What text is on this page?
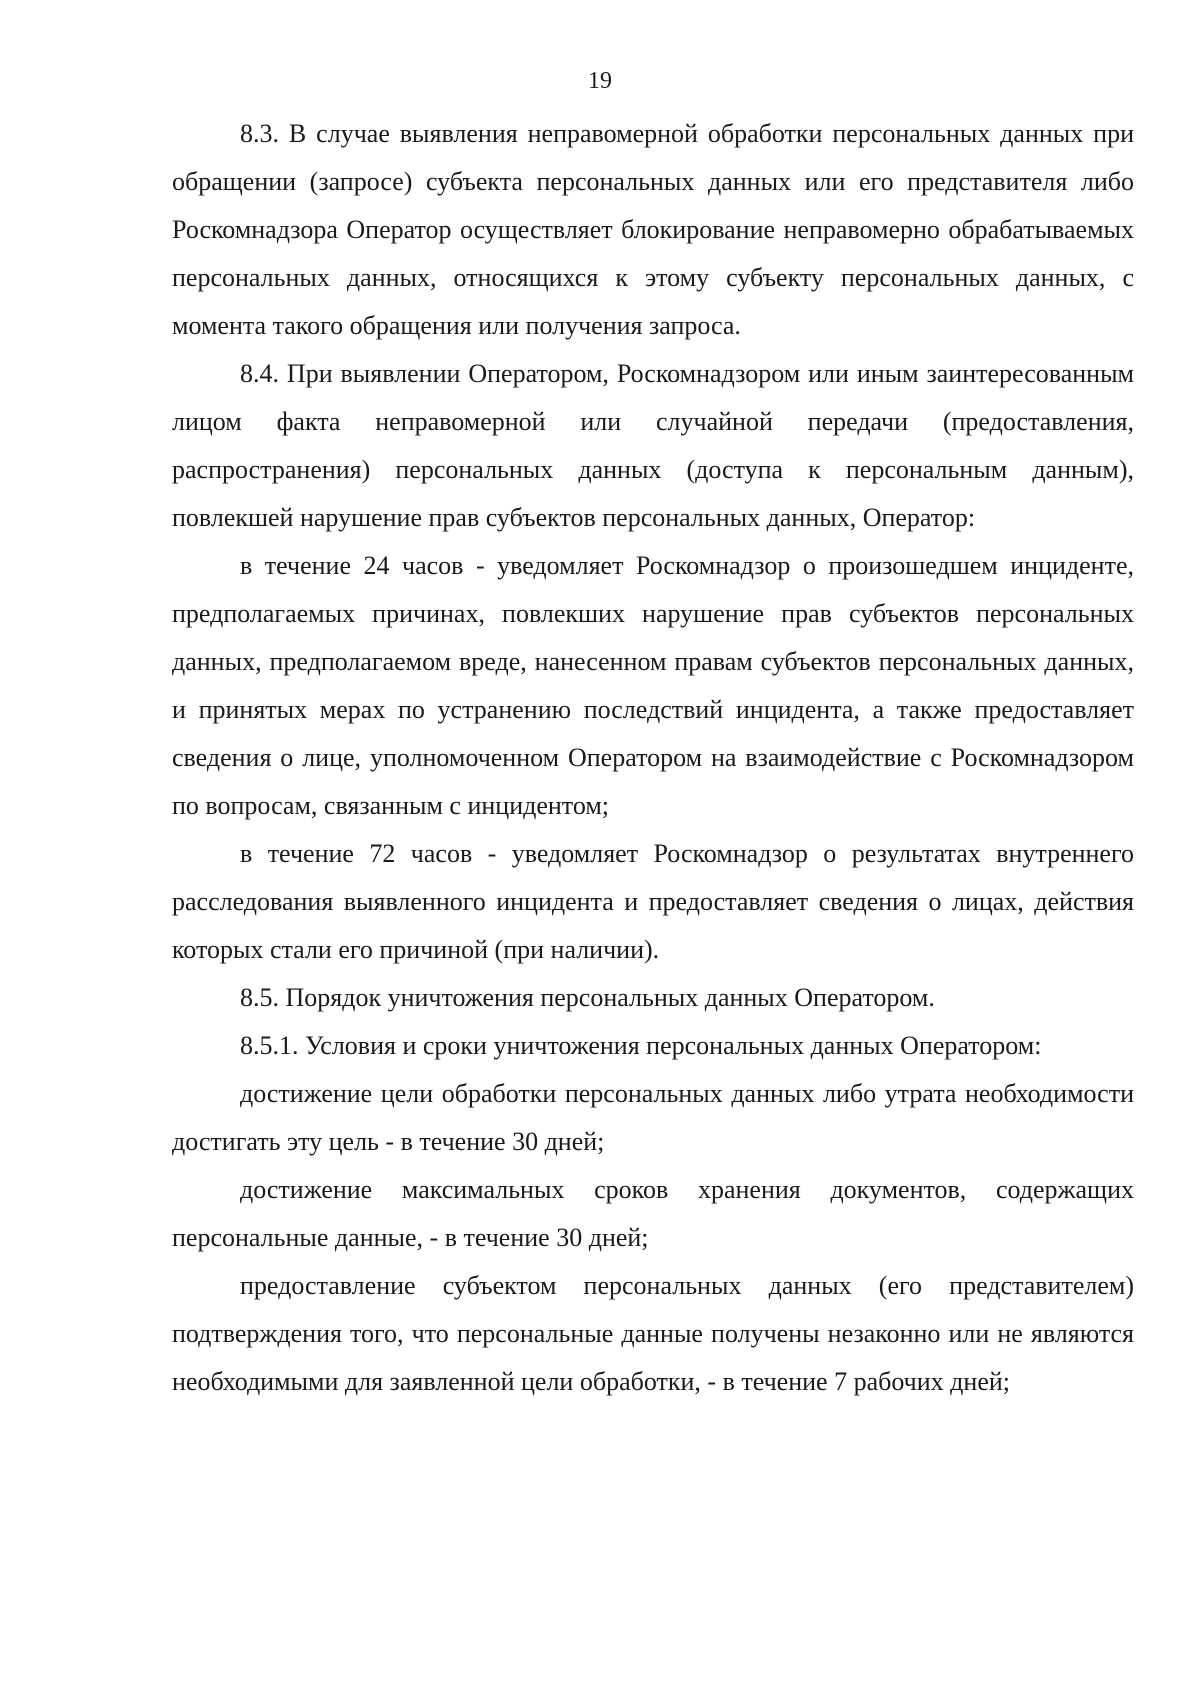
19

8.3. В случае выявления неправомерной обработки персональных данных при обращении (запросе) субъекта персональных данных или его представителя либо Роскомнадзора Оператор осуществляет блокирование неправомерно обрабатываемых персональных данных, относящихся к этому субъекту персональных данных, с момента такого обращения или получения запроса.

8.4. При выявлении Оператором, Роскомнадзором или иным заинтересованным лицом факта неправомерной или случайной передачи (предоставления, распространения) персональных данных (доступа к персональным данным), повлекшей нарушение прав субъектов персональных данных, Оператор:

в течение 24 часов - уведомляет Роскомнадзор о произошедшем инциденте, предполагаемых причинах, повлекших нарушение прав субъектов персональных данных, предполагаемом вреде, нанесенном правам субъектов персональных данных, и принятых мерах по устранению последствий инцидента, а также предоставляет сведения о лице, уполномоченном Оператором на взаимодействие с Роскомнадзором по вопросам, связанным с инцидентом;

в течение 72 часов - уведомляет Роскомнадзор о результатах внутреннего расследования выявленного инцидента и предоставляет сведения о лицах, действия которых стали его причиной (при наличии).

8.5. Порядок уничтожения персональных данных Оператором.

8.5.1. Условия и сроки уничтожения персональных данных Оператором:

достижение цели обработки персональных данных либо утрата необходимости достигать эту цель - в течение 30 дней;

достижение максимальных сроков хранения документов, содержащих персональные данные, - в течение 30 дней;

предоставление субъектом персональных данных (его представителем) подтверждения того, что персональные данные получены незаконно или не являются необходимыми для заявленной цели обработки, - в течение 7 рабочих дней;
